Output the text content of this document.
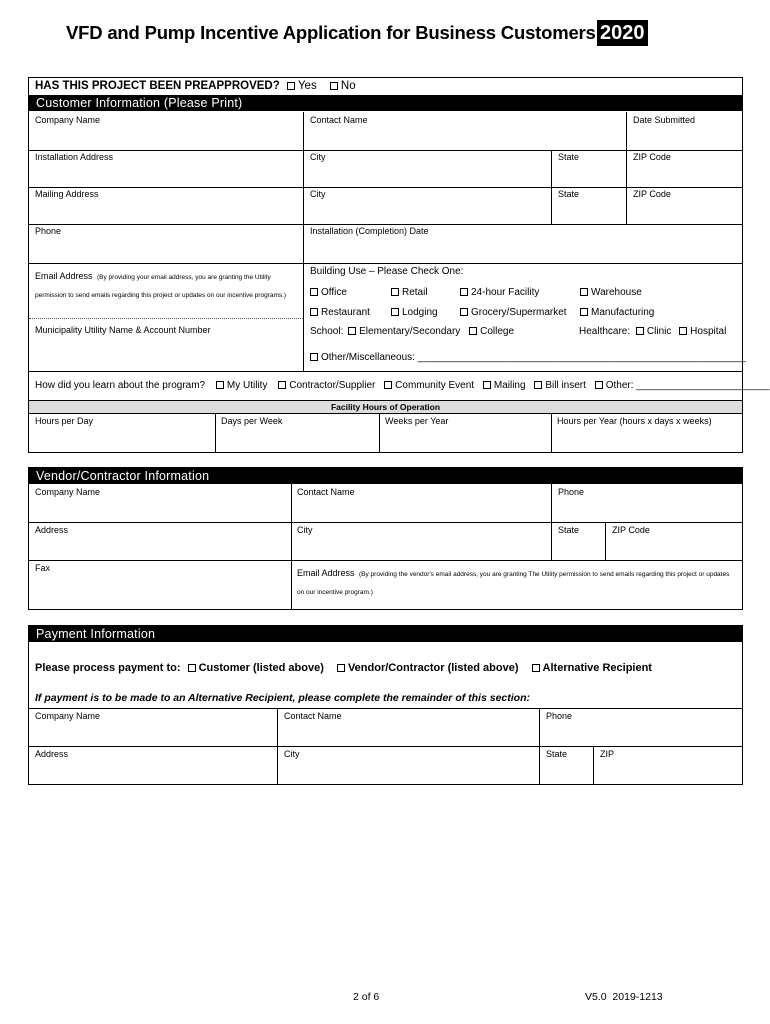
VFD and Pump Incentive Application for Business Customers 2020
HAS THIS PROJECT BEEN PREAPPROVED? Yes No
Customer Information (Please Print)
Company Name	Contact Name	Date Submitted
Installation Address	City	State	ZIP Code
Mailing Address	City	State	ZIP Code
Phone	Installation (Completion) Date
Email Address (By providing your email address, you are granting the Utility permission to send emails regarding this project or updates on our incentive programs.)
Municipality Utility Name & Account Number
Building Use – Please Check One:
Office	Retail	24-hour Facility	Warehouse
Restaurant	Lodging	Grocery/Supermarket	Manufacturing
School: Elementary/Secondary College	Healthcare: Clinic Hospital
Other/Miscellaneous: ___________________________________________________________
How did you learn about the program? My Utility Contractor/Supplier Community Event Mailing Bill insert Other: ________________________
Facility Hours of Operation
Hours per Day	Days per Week	Weeks per Year	Hours per Year (hours x days x weeks)
Vendor/Contractor Information
Company Name	Contact Name	Phone
Address	City	State	ZIP Code
Fax	Email Address (By providing the vendor's email address, you are granting The Utility permission to send emails regarding this project or updates on our incentive program.)
Payment Information
Please process payment to: Customer (listed above) Vendor/Contractor (listed above) Alternative Recipient
If payment is to be made to an Alternative Recipient, please complete the remainder of this section:
Company Name	Contact Name	Phone
Address	City	State	ZIP
2 of 6	V5.0  2019-1213
